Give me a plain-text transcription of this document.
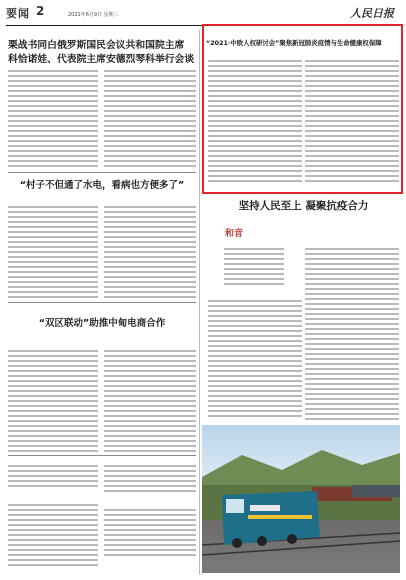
要闻 2	2021年6月9日 星期三	人民日报
栗战书同白俄罗斯国民会议共和国院主席
科恰诺娃、代表院主席安德烈琴科举行会谈
“村子不但通了水电，看病也方便多了”
“双区联动”助推中甸电商合作
“2021·中欧人权研讨会”聚焦新冠肺炎疫情与生命健康权保障
坚持人民至上 凝聚抗疫合力
和音
